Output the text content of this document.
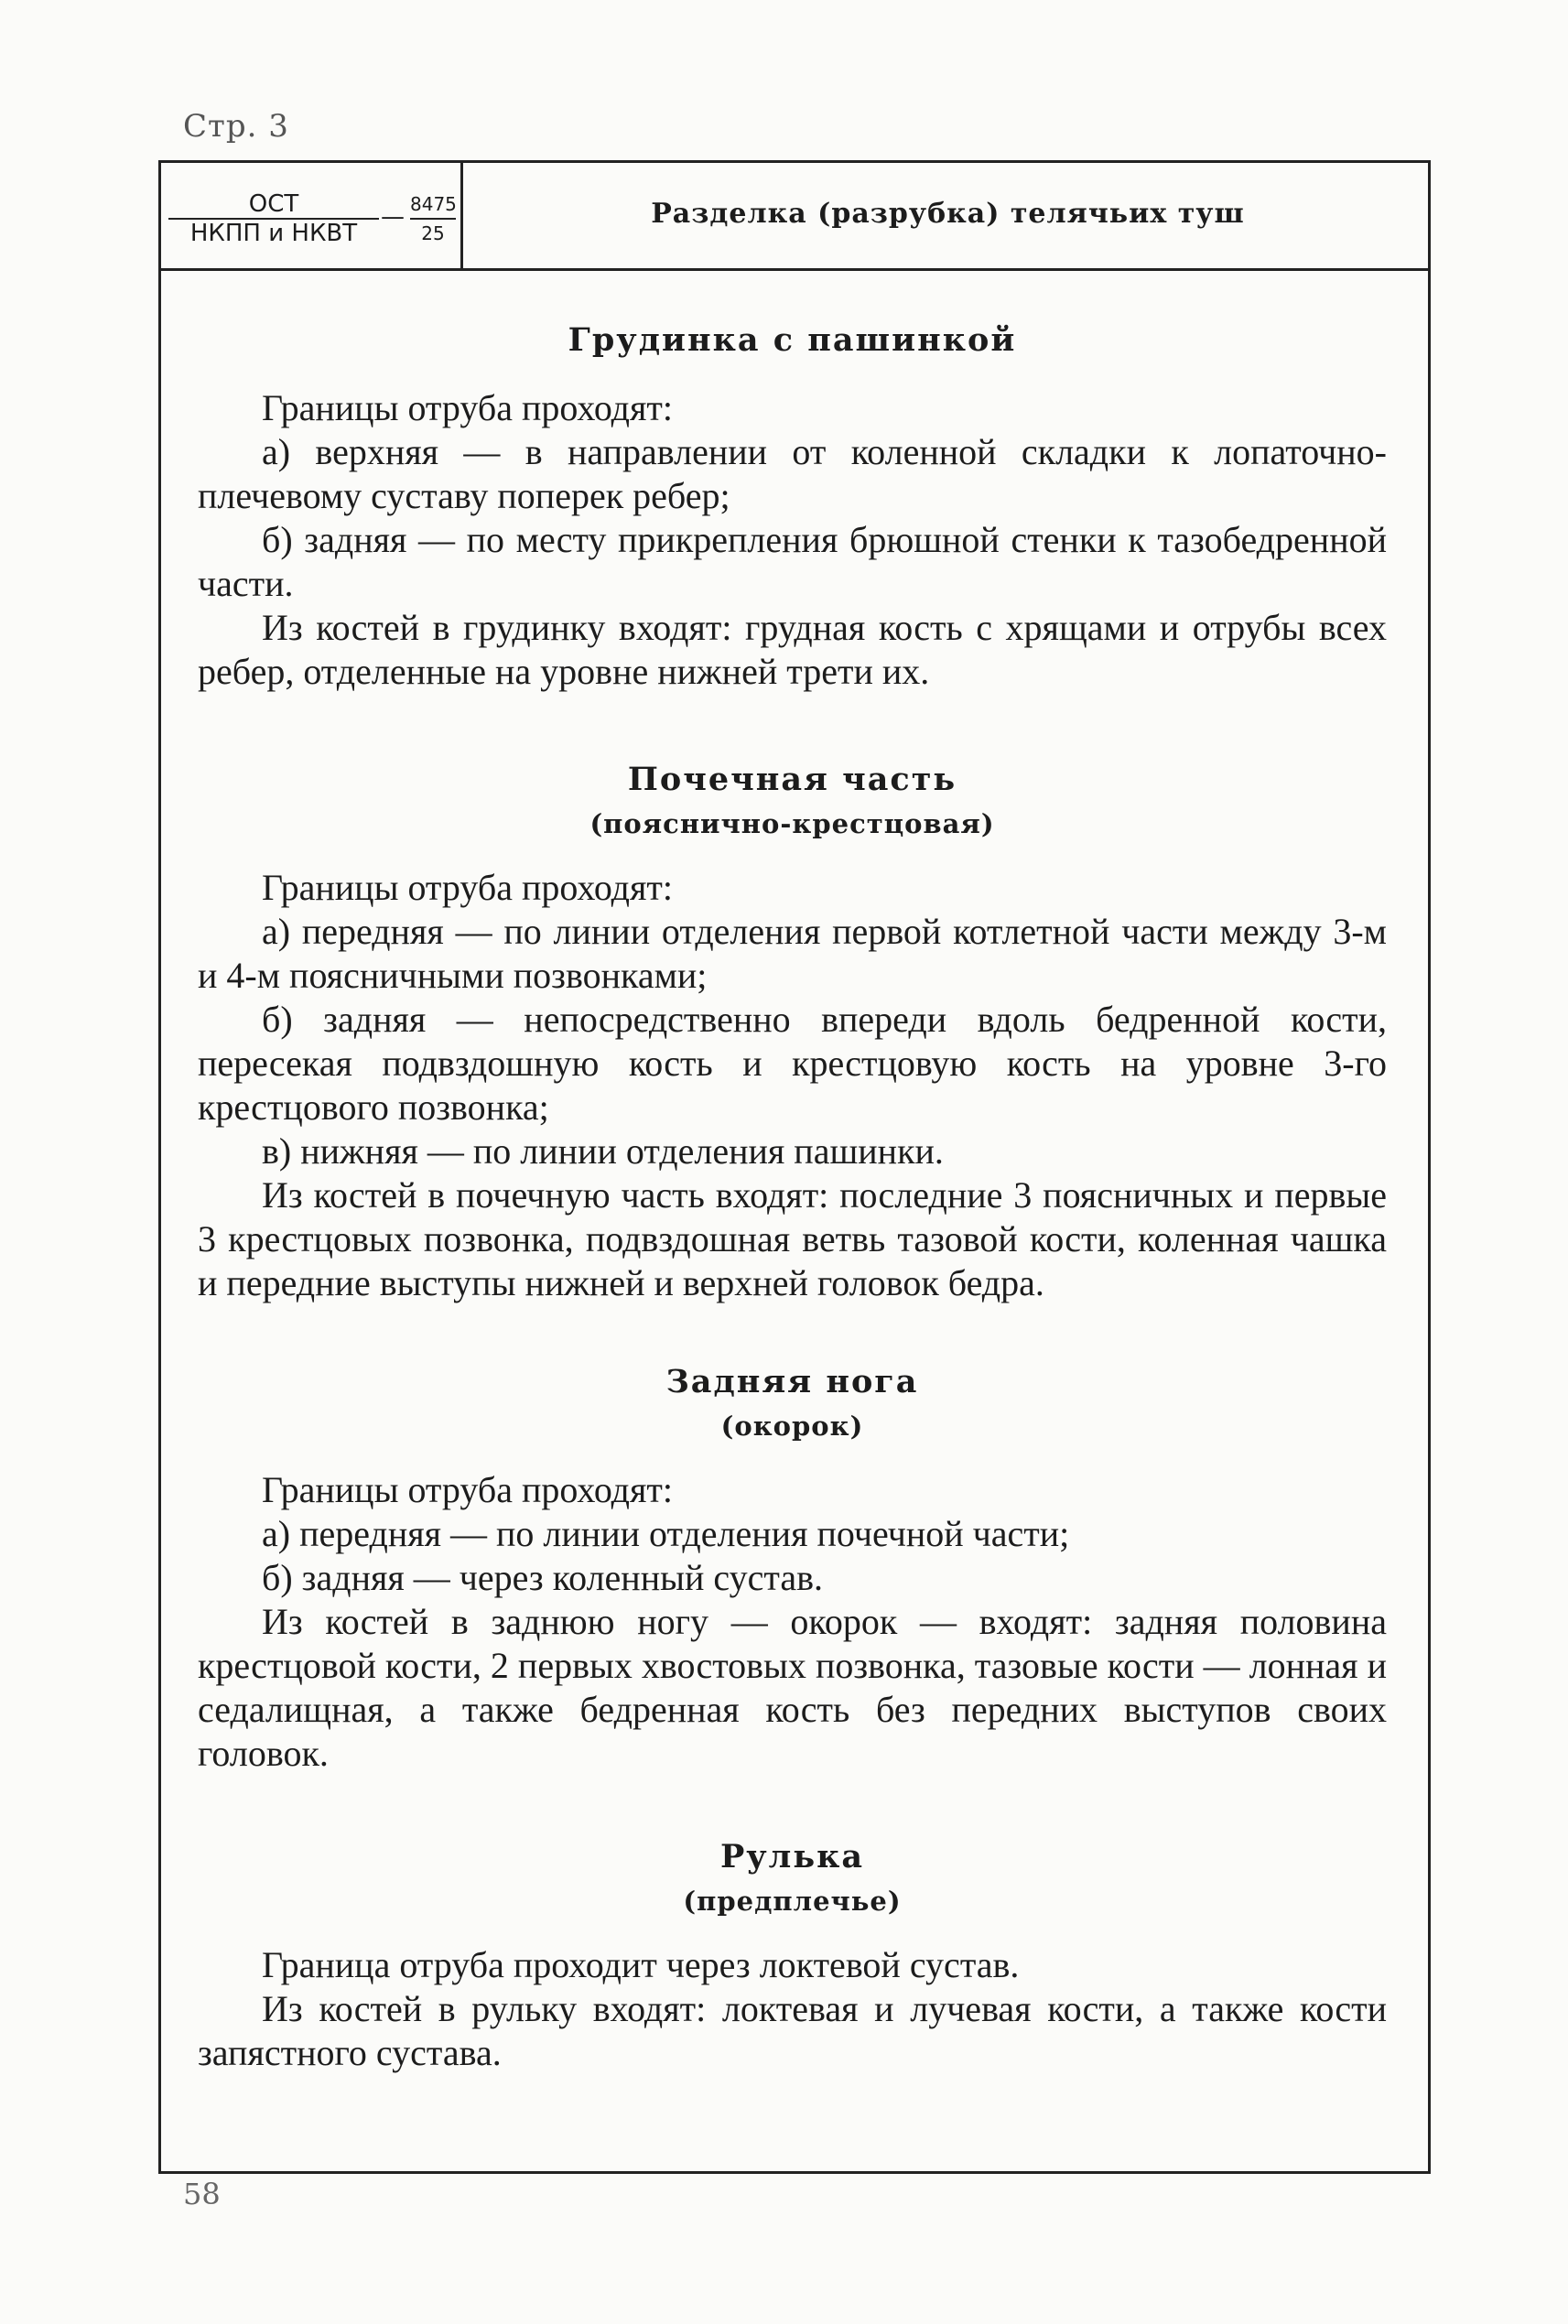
Стр. 3
ОСТ
НКПП и НКВТ
— 8475
25
Разделка (разрубка) телячьих туш
Грудинка с пашинкой

Границы отруба проходят:

а) верхняя — в направлении от коленной складки к лопаточно-плечевому суставу поперек ребер;

б) задняя — по месту прикрепления брюшной стенки к тазобедренной части.

Из костей в грудинку входят: грудная кость с хрящами и отрубы всех ребер, отделенные на уровне нижней трети их.

Почечная часть

(пояснично-крестцовая)

Границы отруба проходят:

а) передняя — по линии отделения первой котлетной части между 3-м и 4-м поясничными позвонками;

б) задняя — непосредственно впереди вдоль бедренной кости, пересекая подвздошную кость и крестцовую кость на уровне 3-го крестцового позвонка;

в) нижняя — по линии отделения пашинки.

Из костей в почечную часть входят: последние 3 поясничных и первые 3 крестцовых позвонка, подвздошная ветвь тазовой кости, коленная чашка и передние выступы нижней и верхней головок бедра.

Задняя нога

(окорок)

Границы отруба проходят:

а) передняя — по линии отделения почечной части;

б) задняя — через коленный сустав.

Из костей в заднюю ногу — окорок — входят: задняя половина крестцовой кости, 2 первых хвостовых позвонка, тазовые кости — лонная и седалищная, а также бедренная кость без передних выступов своих головок.

Рулька

(предплечье)

Граница отруба проходит через локтевой сустав.

Из костей в рульку входят: локтевая и лучевая кости, а также кости запястного сустава.

58
